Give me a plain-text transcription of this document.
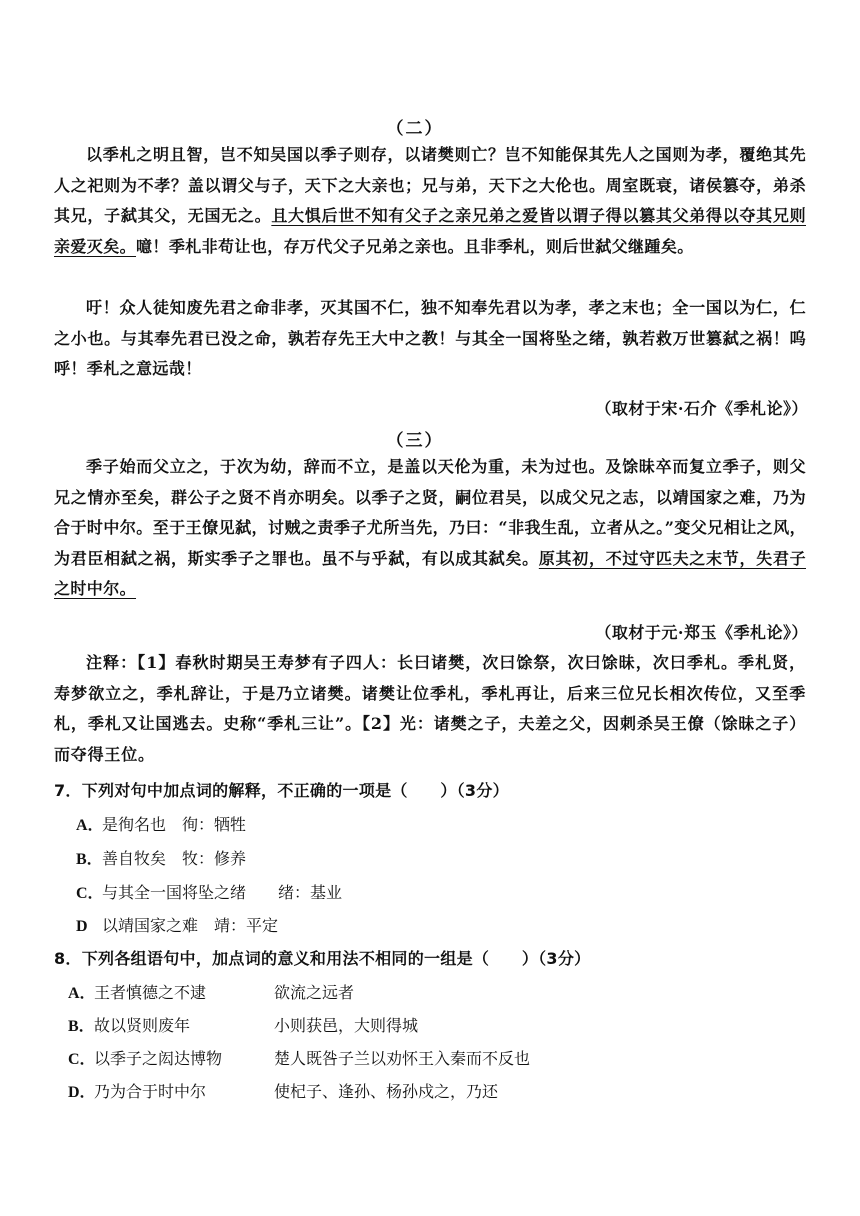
（二）

以季札之明且智，岂不知吴国以季子则存，以诸樊则亡？岂不知能保其先人之国则为孝，覆绝其先人之祀则为不孝？盖以谓父与子，天下之大亲也；兄与弟，天下之大伦也。周室既衰，诸侯篡夺，弟杀其兄，子弑其父，无国无之。且大惧后世不知有父子之亲兄弟之爱皆以谓子得以篡其父弟得以夺其兄则亲爱灭矣。噫！季札非苟让也，存万代父子兄弟之亲也。且非季札，则后世弑父继踵矣。

吁！众人徒知废先君之命非孝，灭其国不仁，独不知奉先君以为孝，孝之末也；全一国以为仁，仁之小也。与其奉先君已没之命，孰若存先王大中之教！与其全一国将坠之绪，孰若救万世篡弑之祸！呜呼！季札之意远哉！

（取材于宋·石介《季札论》）
（三）

季子始而父立之，于次为幼，辞而不立，是盖以天伦为重，未为过也。及馀昧卒而复立季子，则父兄之情亦至矣，群公子之贤不肖亦明矣。以季子之贤，嗣位君吴，以成父兄之志，以靖国家之难，乃为合于时中尔。至于王僚见弑，讨贼之责季子尤所当先，乃曰：“非我生乱，立者从之。”变父兄相让之风，为君臣相弑之祸，斯实季子之罪也。虽不与乎弑，有以成其弑矣。原其初，不过守匹夫之末节，失君子之时中尔。

（取材于元·郑玉《季札论》）

注释：【1】春秋时期吴王寿梦有子四人：长曰诸樊，次曰馀祭，次曰馀昧，次曰季札。季札贤，寿梦欲立之，季札辞让，于是乃立诸樊。诸樊让位季札，季札再让，后来三位兄长相次传位，又至季札，季札又让国逃去。史称“季札三让”。【2】光：诸樊之子，夫差之父，因刺杀吴王僚（馀昧之子）而夺得王位。

7．下列对句中加点词的解释，不正确的一项是（　　）（3分）
A．是徇名也　 徇：牺牲
B．善自牧矣　 牧：修养
C．与其全一国将坠之绪　　 绪：基业
D 以靖国家之难　 靖：平定
8．下列各组语句中，加点词的意义和用法不相同的一组是（　　）（3分）
A．王者慎德之不逮	欲流之远者
B．故以贤则废年	小则获邑，大则得城
C．以季子之闳达博物	楚人既咎子兰以劝怀王入秦而不反也
D．乃为合于时中尔	使杞子、逢孙、杨孙戍之，乃还
